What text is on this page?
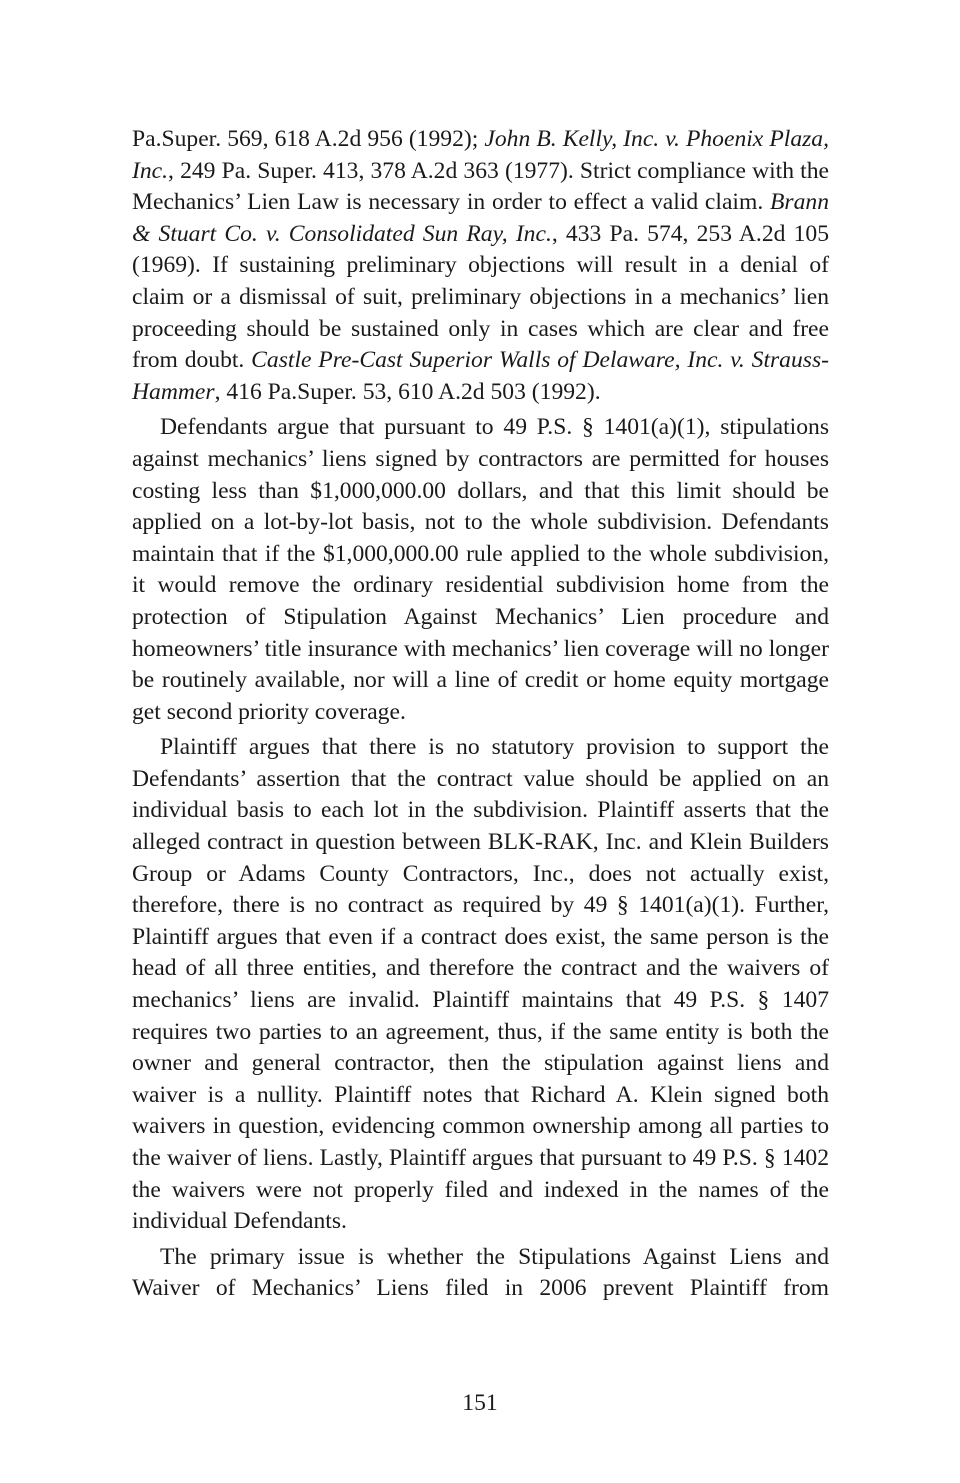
Pa.Super. 569, 618 A.2d 956 (1992); John B. Kelly, Inc. v. Phoenix Plaza, Inc., 249 Pa. Super. 413, 378 A.2d 363 (1977). Strict compliance with the Mechanics’ Lien Law is necessary in order to effect a valid claim. Brann & Stuart Co. v. Consolidated Sun Ray, Inc., 433 Pa. 574, 253 A.2d 105 (1969). If sustaining preliminary objections will result in a denial of claim or a dismissal of suit, preliminary objections in a mechanics’ lien proceeding should be sustained only in cases which are clear and free from doubt. Castle Pre-Cast Superior Walls of Delaware, Inc. v. Strauss-Hammer, 416 Pa.Super. 53, 610 A.2d 503 (1992).

Defendants argue that pursuant to 49 P.S. § 1401(a)(1), stipulations against mechanics’ liens signed by contractors are permitted for houses costing less than $1,000,000.00 dollars, and that this limit should be applied on a lot-by-lot basis, not to the whole subdivision. Defendants maintain that if the $1,000,000.00 rule applied to the whole subdivision, it would remove the ordinary residential subdivision home from the protection of Stipulation Against Mechanics’ Lien procedure and homeowners’ title insurance with mechanics’ lien coverage will no longer be routinely available, nor will a line of credit or home equity mortgage get second priority coverage.

Plaintiff argues that there is no statutory provision to support the Defendants’ assertion that the contract value should be applied on an individual basis to each lot in the subdivision. Plaintiff asserts that the alleged contract in question between BLK-RAK, Inc. and Klein Builders Group or Adams County Contractors, Inc., does not actually exist, therefore, there is no contract as required by 49 § 1401(a)(1). Further, Plaintiff argues that even if a contract does exist, the same person is the head of all three entities, and therefore the contract and the waivers of mechanics’ liens are invalid. Plaintiff maintains that 49 P.S. § 1407 requires two parties to an agreement, thus, if the same entity is both the owner and general contractor, then the stipulation against liens and waiver is a nullity. Plaintiff notes that Richard A. Klein signed both waivers in question, evidencing common ownership among all parties to the waiver of liens. Lastly, Plaintiff argues that pursuant to 49 P.S. § 1402 the waivers were not properly filed and indexed in the names of the individual Defendants.

The primary issue is whether the Stipulations Against Liens and Waiver of Mechanics’ Liens filed in 2006 prevent Plaintiff from

151
